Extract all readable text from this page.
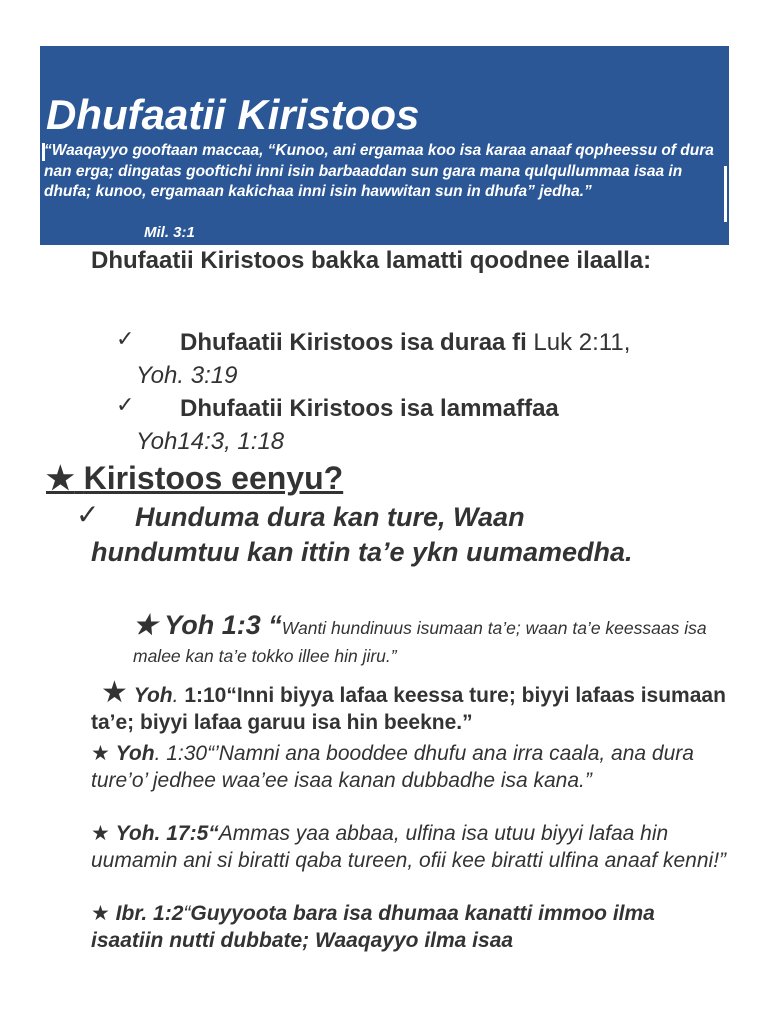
Dhufaatii Kiristoos
“Waaqayyo gooftaan maccaa, “Kunoo, ani ergamaa koo isa karaa anaaf qopheessu of dura nan erga; dingatas gooftichi inni isin barbaaddan sun gara mana qulqullummaa isaa in dhufa; kunoo, ergamaan kakichaa inni isin hawwitan sun in dhufa” jedha.”
Mil. 3:1
Dhufaatii Kiristoos bakka lamatti qoodnee ilaalla:
✓	Dhufaatii Kiristoos isa duraa fi Luk 2:11, Yoh. 3:19
✓	Dhufaatii Kiristoos isa lammaffaa
Yoh14:3, 1:18
★ Kiristoos eenyu?
✓	Hunduma dura kan ture, Waan hundumtuu kan ittin ta’e ykn uumamedha.
★ Yoh 1:3 “Wanti hundinuus isumaan ta’e; waan ta’e keessaas isa malee kan ta’e tokko illee hin jiru.”
★ Yoh. 1:10“Inni biyya lafaa keessa ture; biyyi lafaas isumaan ta’e; biyyi lafaa garuu isa hin beekne.”
★ Yoh. 1:30“’Namni ana booddee dhufu ana irra caala, ana dura ture’o’ jedhee waa’ee isaa kanan dubbadhe isa kana.”
★ Yoh. 17:5“Ammas yaa abbaa, ulfina isa utuu biyyi lafaa hin uumamin ani si biratti qaba tureen, ofii kee biratti ulfina anaaf kenni!”
★ Ibr. 1:2“Guyyoota bara isa dhumaa kanatti immoo ilma isaatiin nutti dubbate; Waaqayyo ilma isaa
